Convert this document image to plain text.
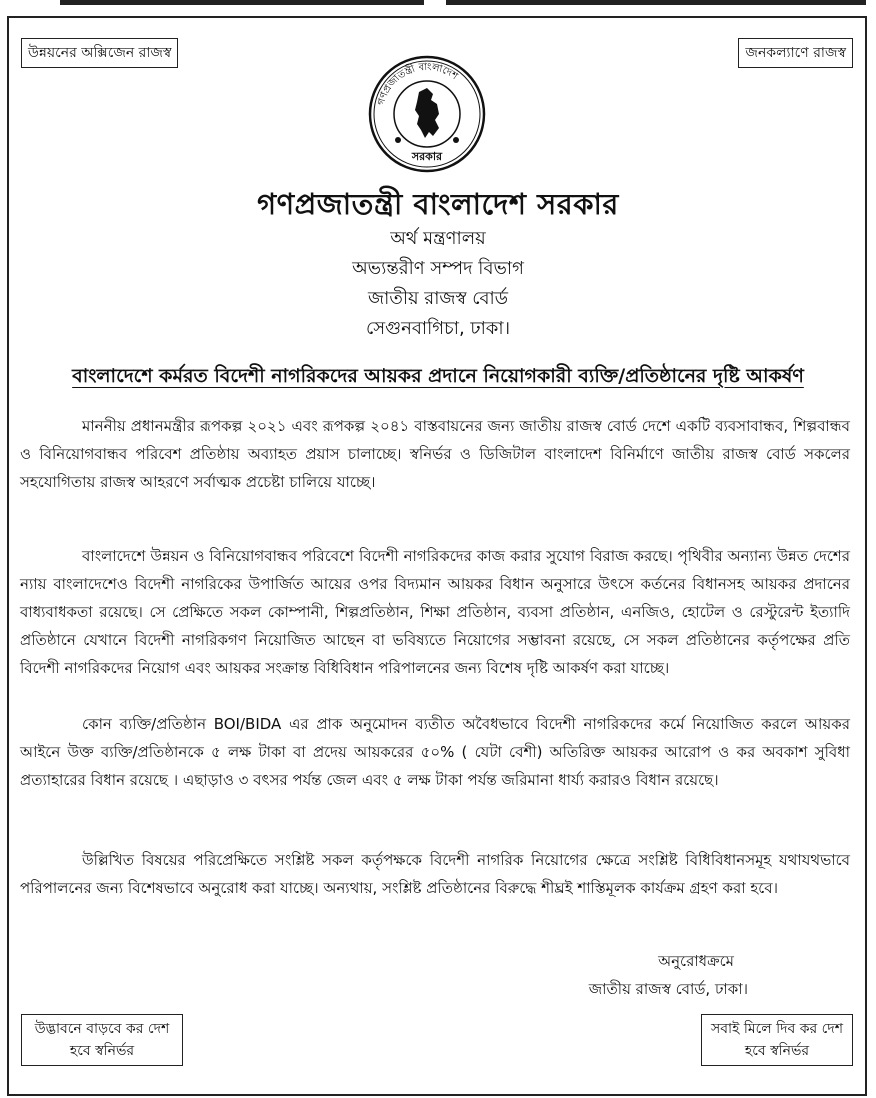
উন্নয়নের অক্সিজেন রাজস্ব	জনকল্যাণে রাজস্ব
গণপ্রজাতন্ত্রী বাংলাদেশ
সরকার
গণপ্রজাতন্ত্রী বাংলাদেশ সরকার
অর্থ মন্ত্রণালয়
অভ্যন্তরীণ সম্পদ বিভাগ
জাতীয় রাজস্ব বোর্ড
সেগুনবাগিচা, ঢাকা।
বাংলাদেশে কর্মরত বিদেশী নাগরিকদের আয়কর প্রদানে নিয়োগকারী ব্যক্তি/প্রতিষ্ঠানের দৃষ্টি আকর্ষণ

মাননীয় প্রধানমন্ত্রীর রূপকল্প ২০২১ এবং রূপকল্প ২০৪১ বাস্তবায়নের জন্য জাতীয় রাজস্ব বোর্ড দেশে একটি ব্যবসাবান্ধব, শিল্পবান্ধব ও বিনিয়োগবান্ধব পরিবেশ প্রতিষ্ঠায় অব্যাহত প্রয়াস চালাচ্ছে। স্বনির্ভর ও ডিজিটাল বাংলাদেশ বিনির্মাণে জাতীয় রাজস্ব বোর্ড সকলের সহযোগিতায় রাজস্ব আহরণে সর্বাত্মক প্রচেষ্টা চালিয়ে যাচ্ছে।

বাংলাদেশে উন্নয়ন ও বিনিয়োগবান্ধব পরিবেশে বিদেশী নাগরিকদের কাজ করার সুযোগ বিরাজ করছে। পৃথিবীর অন্যান্য উন্নত দেশের ন্যায় বাংলাদেশেও বিদেশী নাগরিকের উপার্জিত আয়ের ওপর বিদ্যমান আয়কর বিধান অনুসারে উৎসে কর্তনের বিধানসহ আয়কর প্রদানের বাধ্যবাধকতা রয়েছে। সে প্রেক্ষিতে সকল কোম্পানী, শিল্পপ্রতিষ্ঠান, শিক্ষা প্রতিষ্ঠান, ব্যবসা প্রতিষ্ঠান, এনজিও, হোটেল ও রেস্টুরেন্ট ইত্যাদি প্রতিষ্ঠানে যেখানে বিদেশী নাগরিকগণ নিয়োজিত আছেন বা ভবিষ্যতে নিয়োগের সম্ভাবনা রয়েছে, সে সকল প্রতিষ্ঠানের কর্তৃপক্ষের প্রতি বিদেশী নাগরিকদের নিয়োগ এবং আয়কর সংক্রান্ত বিধিবিধান পরিপালনের জন্য বিশেষ দৃষ্টি আকর্ষণ করা যাচ্ছে।

কোন ব্যক্তি/প্রতিষ্ঠান BOI/BIDA এর প্রাক অনুমোদন ব্যতীত অবৈধভাবে বিদেশী নাগরিকদের কর্মে নিয়োজিত করলে আয়কর আইনে উক্ত ব্যক্তি/প্রতিষ্ঠানকে ৫ লক্ষ টাকা বা প্রদেয় আয়করের ৫০% ( যেটা বেশী) অতিরিক্ত আয়কর আরোপ ও কর অবকাশ সুবিধা প্রত্যাহারের বিধান রয়েছে । এছাড়াও ৩ বৎসর পর্যন্ত জেল এবং ৫ লক্ষ টাকা পর্যন্ত জরিমানা ধার্য্য করারও বিধান রয়েছে।

উল্লিখিত বিষয়ের পরিপ্রেক্ষিতে সংশ্লিষ্ট সকল কর্তৃপক্ষকে বিদেশী নাগরিক নিয়োগের ক্ষেত্রে সংশ্লিষ্ট বিধিবিধানসমূহ যথাযথভাবে পরিপালনের জন্য বিশেষভাবে অনুরোধ করা যাচ্ছে। অন্যথায়, সংশ্লিষ্ট প্রতিষ্ঠানের বিরুদ্ধে শীঘ্রই শাস্তিমূলক কার্যক্রম গ্রহণ করা হবে।

অনুরোধক্রমে
জাতীয় রাজস্ব বোর্ড, ঢাকা।
উদ্ভাবনে বাড়বে কর দেশ হবে স্বনির্ভর
সবাই মিলে দিব কর দেশ হবে স্বনির্ভর
